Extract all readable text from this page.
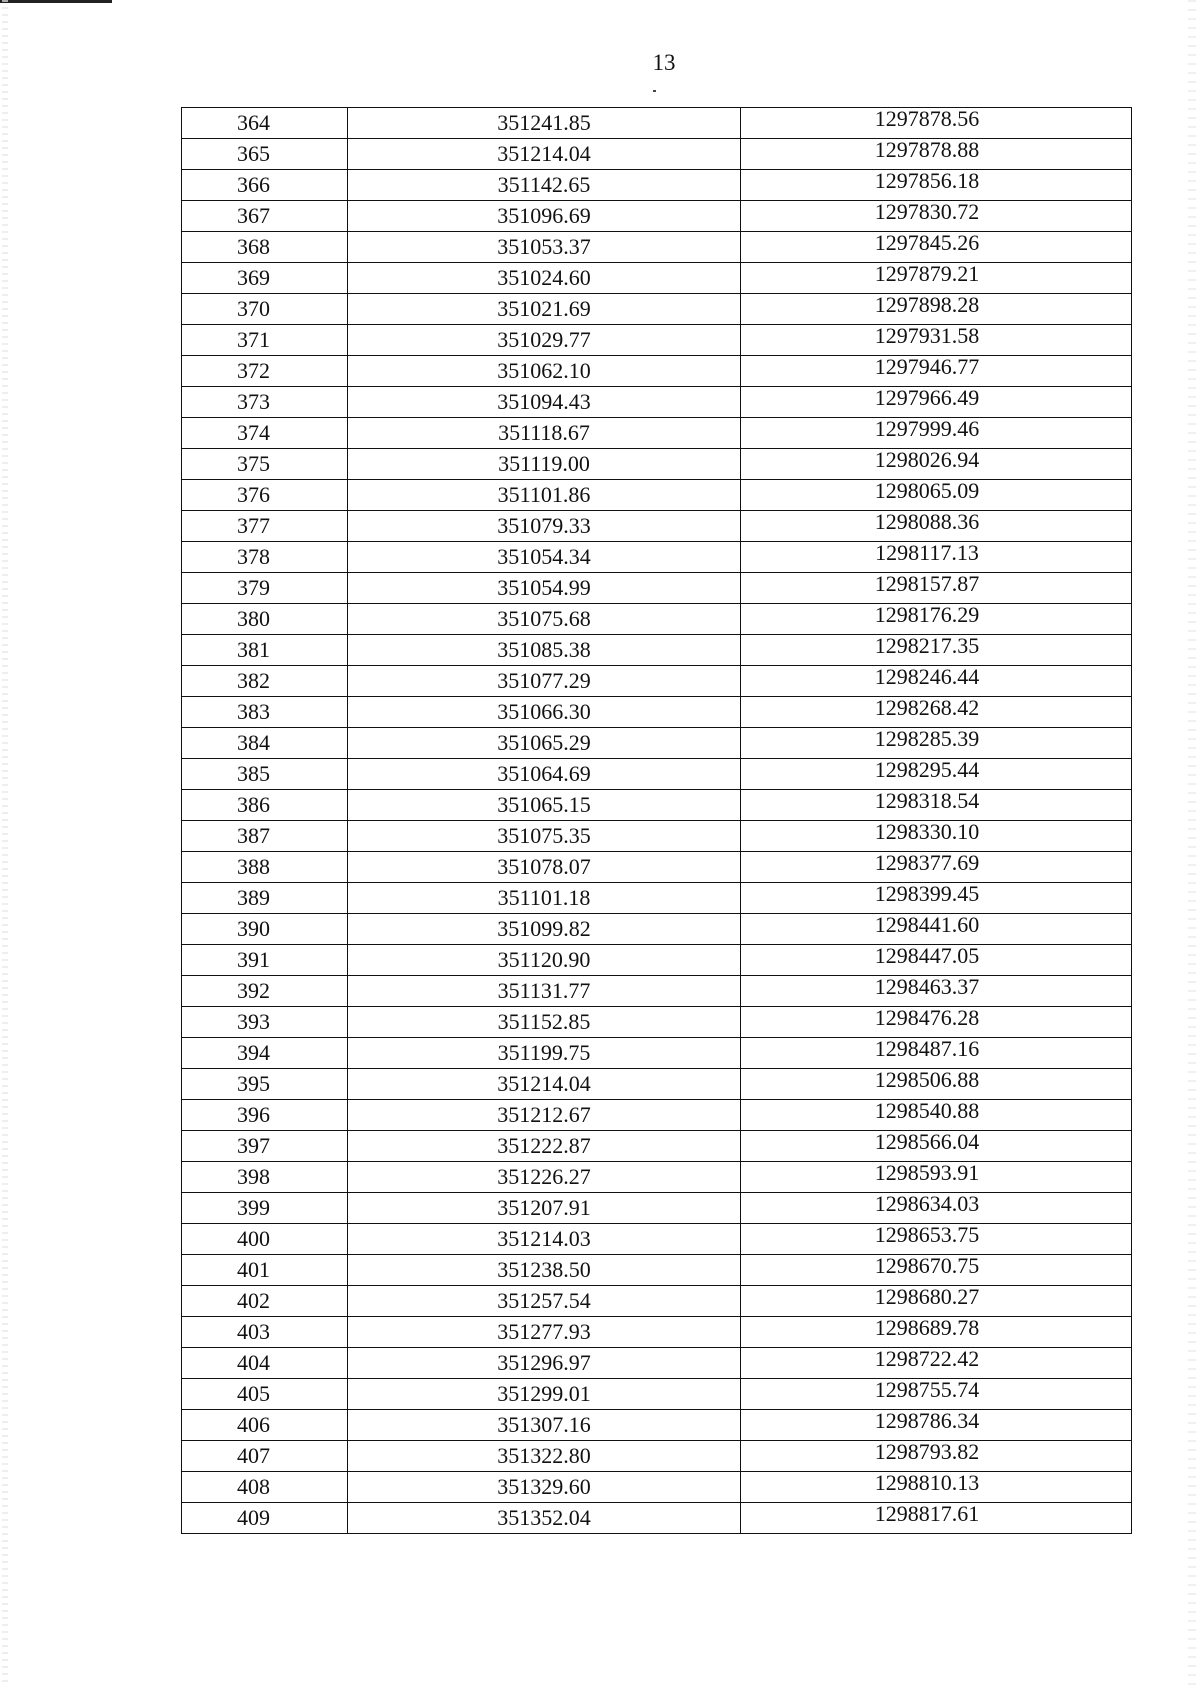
13
364	351241.85	1297878.56
365	351214.04	1297878.88
366	351142.65	1297856.18
367	351096.69	1297830.72
368	351053.37	1297845.26
369	351024.60	1297879.21
370	351021.69	1297898.28
371	351029.77	1297931.58
372	351062.10	1297946.77
373	351094.43	1297966.49
374	351118.67	1297999.46
375	351119.00	1298026.94
376	351101.86	1298065.09
377	351079.33	1298088.36
378	351054.34	1298117.13
379	351054.99	1298157.87
380	351075.68	1298176.29
381	351085.38	1298217.35
382	351077.29	1298246.44
383	351066.30	1298268.42
384	351065.29	1298285.39
385	351064.69	1298295.44
386	351065.15	1298318.54
387	351075.35	1298330.10
388	351078.07	1298377.69
389	351101.18	1298399.45
390	351099.82	1298441.60
391	351120.90	1298447.05
392	351131.77	1298463.37
393	351152.85	1298476.28
394	351199.75	1298487.16
395	351214.04	1298506.88
396	351212.67	1298540.88
397	351222.87	1298566.04
398	351226.27	1298593.91
399	351207.91	1298634.03
400	351214.03	1298653.75
401	351238.50	1298670.75
402	351257.54	1298680.27
403	351277.93	1298689.78
404	351296.97	1298722.42
405	351299.01	1298755.74
406	351307.16	1298786.34
407	351322.80	1298793.82
408	351329.60	1298810.13
409	351352.04	1298817.61
